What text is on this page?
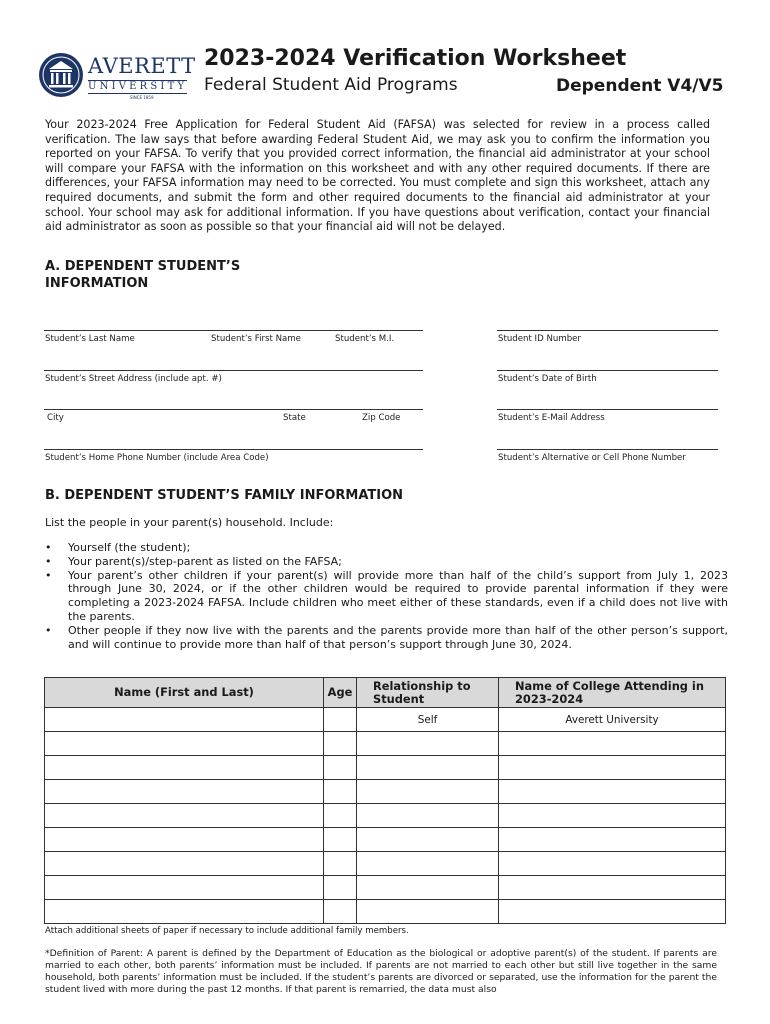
AVERETT
UNIVERSITY
SINCE 1859
2023-2024 Verification Worksheet
Federal Student Aid Programs	Dependent V4/V5
Your 2023-2024 Free Application for Federal Student Aid (FAFSA) was selected for review in a process called verification. The law says that before awarding Federal Student Aid, we may ask you to confirm the information you reported on your FAFSA. To verify that you provided correct information, the financial aid administrator at your school will compare your FAFSA with the information on this worksheet and with any other required documents. If there are differences, your FAFSA information may need to be corrected. You must complete and sign this worksheet, attach any required documents, and submit the form and other required documents to the financial aid administrator at your school. Your school may ask for additional information. If you have questions about verification, contact your financial aid administrator as soon as possible so that your financial aid will not be delayed.
A. DEPENDENT STUDENT’S INFORMATION
Student’s Last Name	Student’s First Name	Student’s M.I.	Student ID Number
Student’s Street Address (include apt. #)	Student’s Date of Birth
City	State	Zip Code	Student’s E-Mail Address
Student’s Home Phone Number (include Area Code)	Student’s Alternative or Cell Phone Number
B. DEPENDENT STUDENT’S FAMILY INFORMATION
List the people in your parent(s) household. Include:
• Yourself (the student);
• Your parent(s)/step-parent as listed on the FAFSA;
• Your parent’s other children if your parent(s) will provide more than half of the child’s support from July 1, 2023 through June 30, 2024, or if the other children would be required to provide parental information if they were completing a 2023-2024 FAFSA. Include children who meet either of these standards, even if a child does not live with the parents.
• Other people if they now live with the parents and the parents provide more than half of the other person’s support, and will continue to provide more than half of that person’s support through June 30, 2024.
Name (First and Last)	Age	Relationship to Student	Name of College Attending in 2023-2024
		Self	Averett University

Attach additional sheets of paper if necessary to include additional family members.
*Definition of Parent: A parent is defined by the Department of Education as the biological or adoptive parent(s) of the student. If parents are married to each other, both parents’ information must be included. If parents are not married to each other but still live together in the same household, both parents’ information must be included. If the student’s parents are divorced or separated, use the information for the parent the student lived with more during the past 12 months. If that parent is remarried, the data must also
